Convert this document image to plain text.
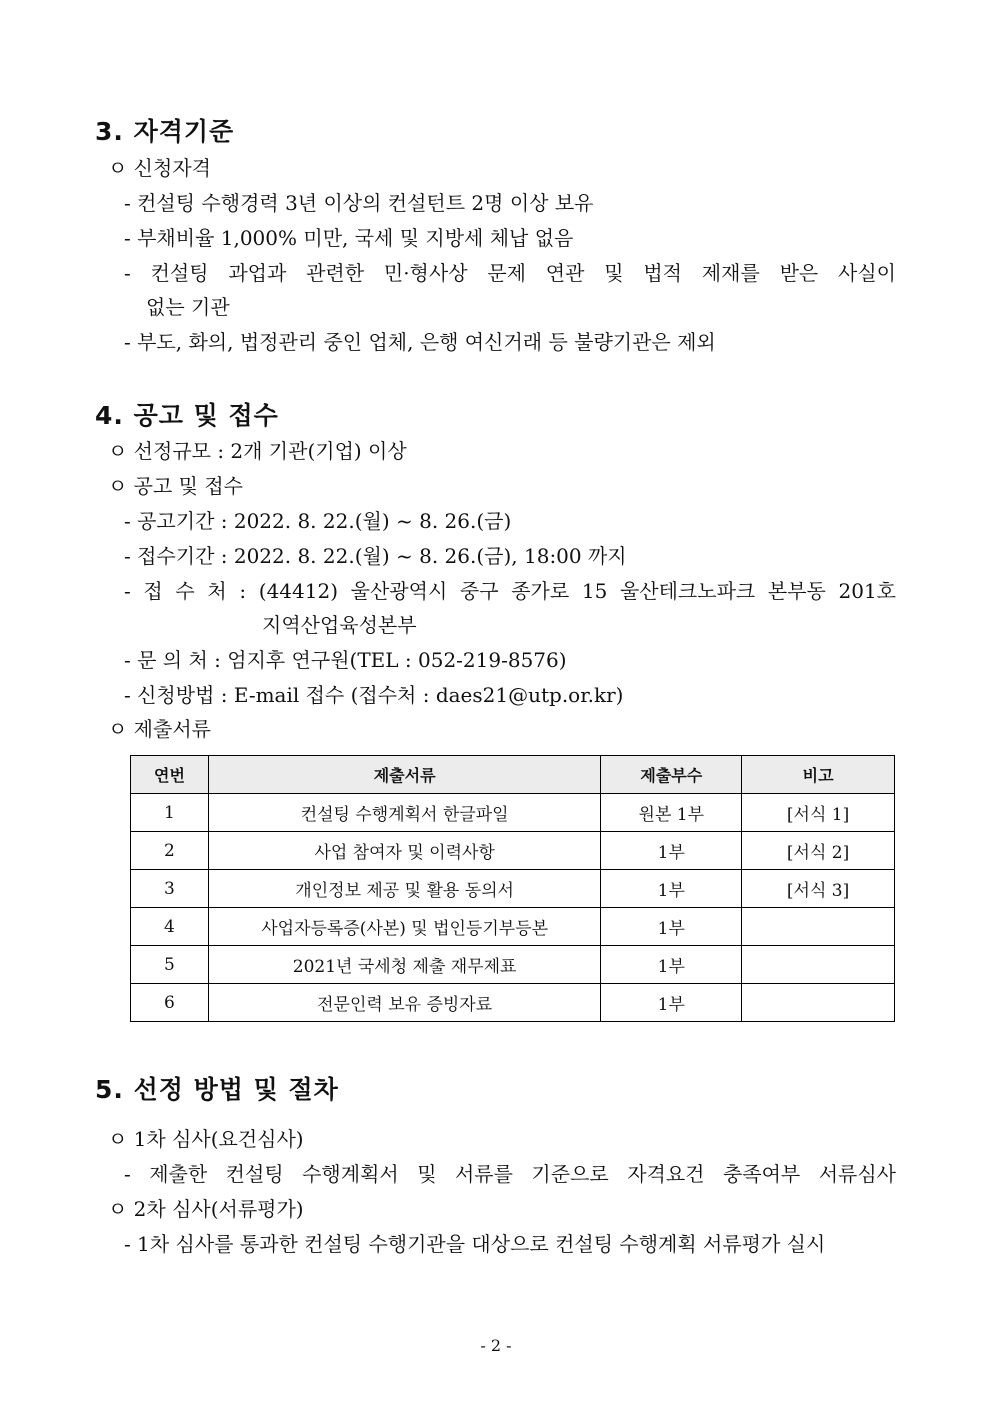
3. 자격기준
ㅇ 신청자격
- 컨설팅 수행경력 3년 이상의 컨설턴트 2명 이상 보유
- 부채비율 1,000% 미만, 국세 및 지방세 체납 없음
- 컨설팅 과업과 관련한 민·형사상 문제 연관 및 법적 제재를 받은 사실이
없는 기관
- 부도, 화의, 법정관리 중인 업체, 은행 여신거래 등 불량기관은 제외
4. 공고 및 접수
ㅇ 선정규모 : 2개 기관(기업) 이상
ㅇ 공고 및 접수
- 공고기간 : 2022. 8. 22.(월) ~ 8. 26.(금)
- 접수기간 : 2022. 8. 22.(월) ~ 8. 26.(금), 18:00 까지
- 접 수 처 : (44412) 울산광역시 중구 종가로 15 울산테크노파크 본부동 201호
지역산업육성본부
- 문 의 처 : 엄지후 연구원(TEL : 052-219-8576)
- 신청방법 : E-mail 접수 (접수처 : daes21@utp.or.kr)
ㅇ 제출서류
연번	제출서류	제출부수	비고
1	컨설팅 수행계획서 한글파일	원본 1부	[서식 1]
2	사업 참여자 및 이력사항	1부	[서식 2]
3	개인정보 제공 및 활용 동의서	1부	[서식 3]
4	사업자등록증(사본) 및 법인등기부등본	1부	
5	2021년 국세청 제출 재무제표	1부	
6	전문인력 보유 증빙자료	1부	
5. 선정 방법 및 절차
ㅇ 1차 심사(요건심사)
- 제출한 컨설팅 수행계획서 및 서류를 기준으로 자격요건 충족여부 서류심사
ㅇ 2차 심사(서류평가)
- 1차 심사를 통과한 컨설팅 수행기관을 대상으로 컨설팅 수행계획 서류평가 실시
- 2 -
